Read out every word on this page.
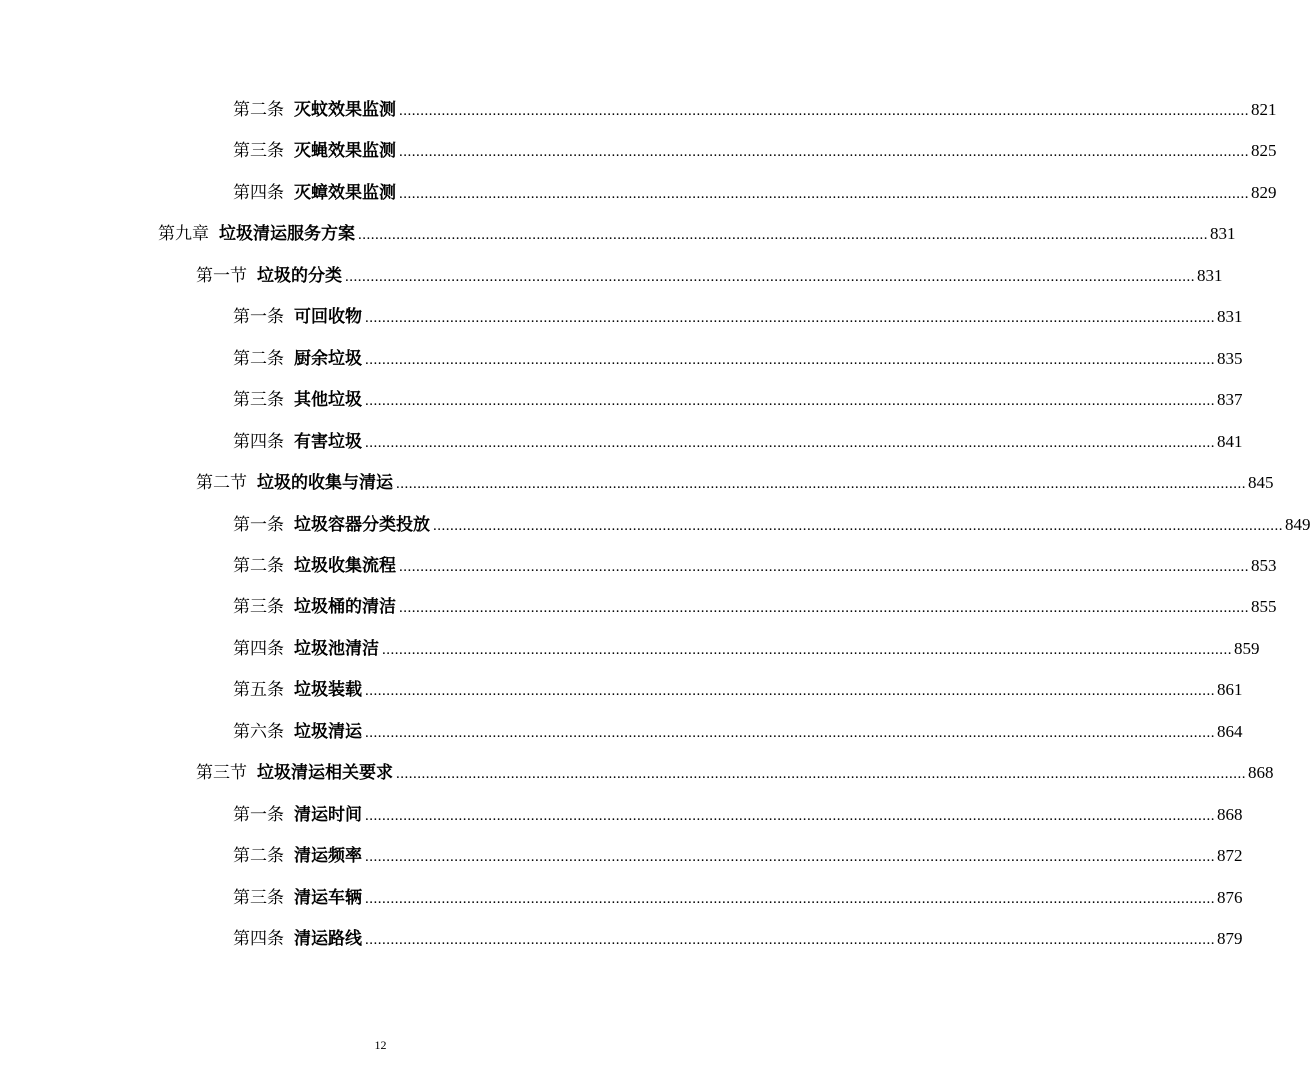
第二条 灭蚊效果监测 ........................................................................................................................................................................................................ 821
第三条 灭蝇效果监测 ........................................................................................................................................................................................................ 825
第四条 灭蟑效果监测 ........................................................................................................................................................................................................ 829
第九章 垃圾清运服务方案 ........................................................................................................................................................................................................ 831
第一节 垃圾的分类 ........................................................................................................................................................................................................ 831
第一条 可回收物 ........................................................................................................................................................................................................ 831
第二条 厨余垃圾 ........................................................................................................................................................................................................ 835
第三条 其他垃圾 ........................................................................................................................................................................................................ 837
第四条 有害垃圾 ........................................................................................................................................................................................................ 841
第二节 垃圾的收集与清运 ........................................................................................................................................................................................................ 845
第一条 垃圾容器分类投放 ........................................................................................................................................................................................................ 849
第二条 垃圾收集流程 ........................................................................................................................................................................................................ 853
第三条 垃圾桶的清洁 ........................................................................................................................................................................................................ 855
第四条 垃圾池清洁 ........................................................................................................................................................................................................ 859
第五条 垃圾装载 ........................................................................................................................................................................................................ 861
第六条 垃圾清运 ........................................................................................................................................................................................................ 864
第三节 垃圾清运相关要求 ........................................................................................................................................................................................................ 868
第一条 清运时间 ........................................................................................................................................................................................................ 868
第二条 清运频率 ........................................................................................................................................................................................................ 872
第三条 清运车辆 ........................................................................................................................................................................................................ 876
第四条 清运路线 ........................................................................................................................................................................................................ 879
12
